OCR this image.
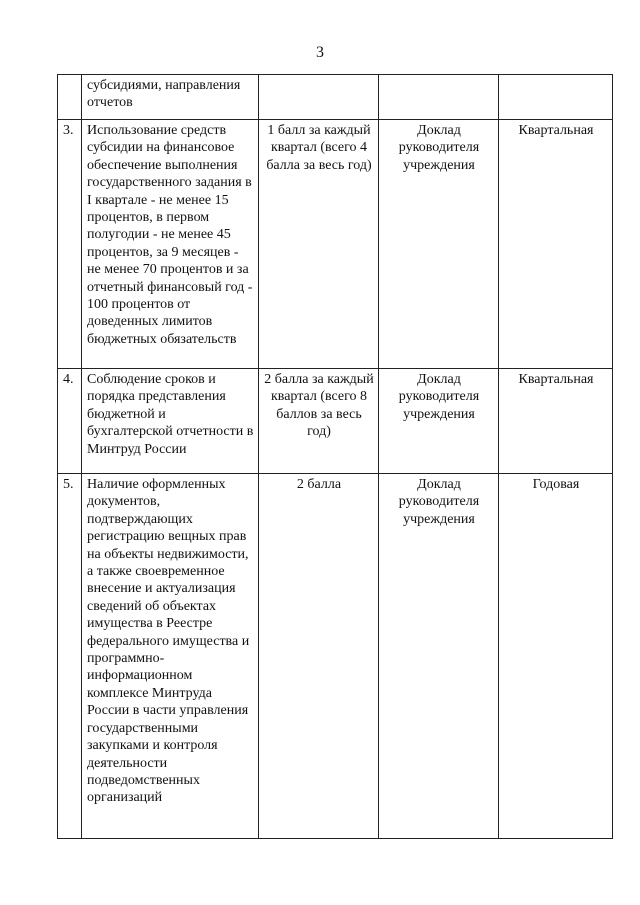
3

	субсидиями, направления отчетов			

3.	Использование средств субсидии на финансовое обеспечение выполнения государственного задания в I квартале - не менее 15 процентов, в первом полугодии - не менее 45 процентов, за 9 месяцев - не менее 70 процентов и за отчетный финансовый год - 100 процентов от доведенных лимитов бюджетных обязательств	1 балл за каждый квартал (всего 4 балла за весь год)	Доклад руководителя учреждения	Квартальная
4.	Соблюдение сроков и порядка представления бюджетной и бухгалтерской отчетности в Минтруд России	2 балла за каждый квартал (всего 8 баллов за весь год)	Доклад руководителя учреждения	Квартальная
5.	Наличие оформленных документов, подтверждающих регистрацию вещных прав на объекты недвижимости, а также своевременное внесение и актуализация сведений об объектах имущества в Реестре федерального имущества и программно-информационном комплексе Минтруда России в части управления государственными закупками и контроля деятельности подведомственных организаций	2 балла	Доклад руководителя учреждения	Годовая
